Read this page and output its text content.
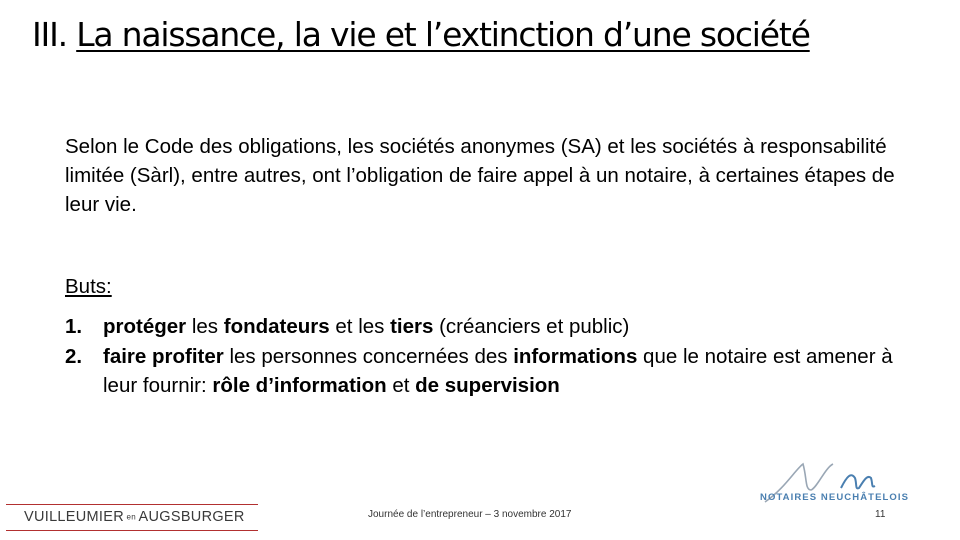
III. La naissance, la vie et l’extinction d’une société
Selon le Code des obligations, les sociétés anonymes (SA) et les sociétés à responsabilité limitée (Sàrl), entre autres, ont l’obligation de faire appel à un notaire, à certaines étapes de leur vie.
Buts:
1. protéger les fondateurs et les tiers (créanciers et public)
2. faire profiter les personnes concernées des informations que le notaire est amener à leur fournir: rôle d’information et de supervision
VUILLEUMIER en AUGSBURGER	Journée de l’entrepreneur – 3 novembre 2017
NOTAIRES NEUCHÂTELOIS
11
